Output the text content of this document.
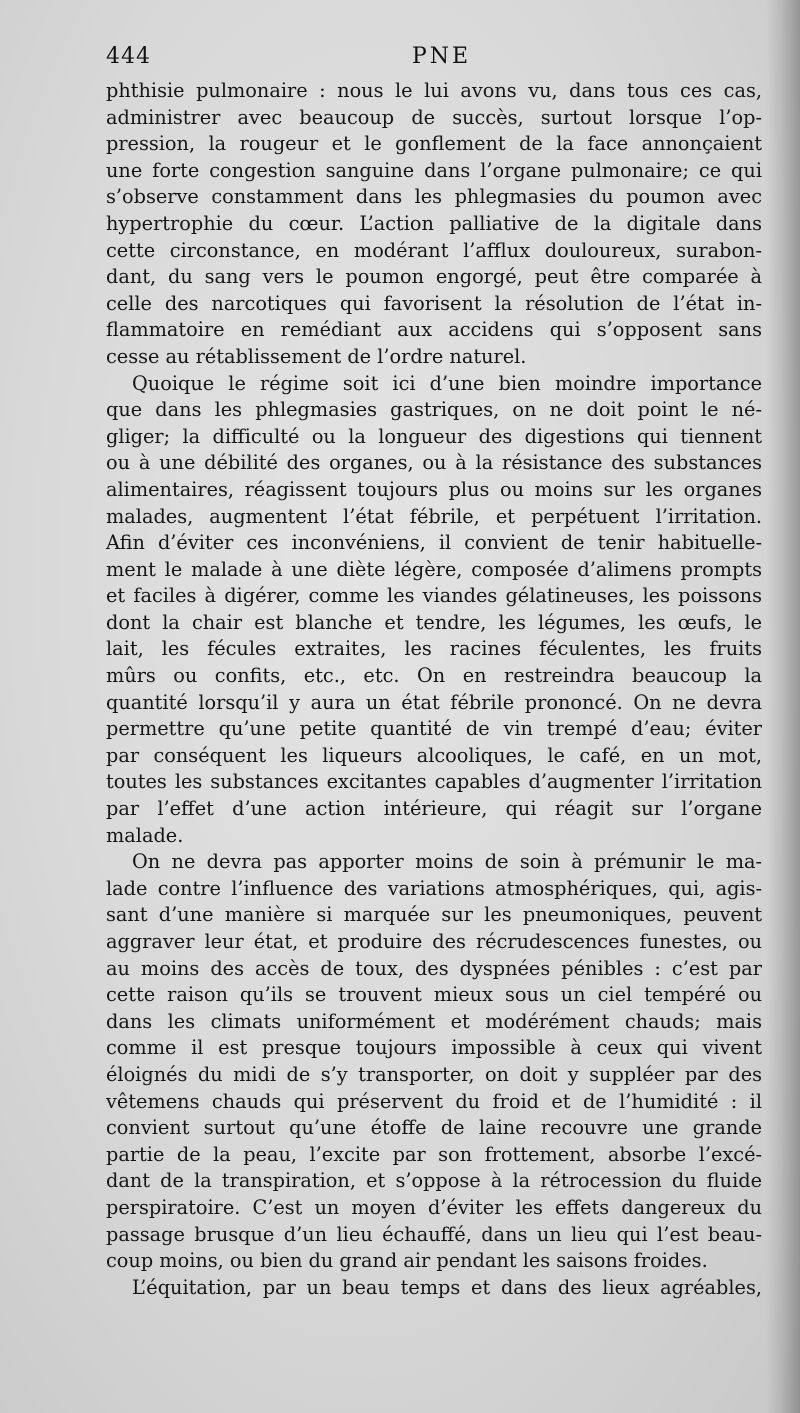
444	PNE
phthisie pulmonaire : nous le lui avons vu, dans tous ces cas,
administrer avec beaucoup de succès, surtout lorsque l’op-
pression, la rougeur et le gonflement de la face annonçaient
une forte congestion sanguine dans l’organe pulmonaire; ce qui
s’observe constamment dans les phlegmasies du poumon avec
hypertrophie du cœur. L’action palliative de la digitale dans
cette circonstance, en modérant l’afflux douloureux, surabon-
dant, du sang vers le poumon engorgé, peut être comparée à
celle des narcotiques qui favorisent la résolution de l’état in-
flammatoire en remédiant aux accidens qui s’opposent sans
cesse au rétablissement de l’ordre naturel.
Quoique le régime soit ici d’une bien moindre importance
que dans les phlegmasies gastriques, on ne doit point le né-
gliger; la difficulté ou la longueur des digestions qui tiennent
ou à une débilité des organes, ou à la résistance des substances
alimentaires, réagissent toujours plus ou moins sur les organes
malades, augmentent l’état fébrile, et perpétuent l’irritation.
Afin d’éviter ces inconvéniens, il convient de tenir habituelle-
ment le malade à une diète légère, composée d’alimens prompts
et faciles à digérer, comme les viandes gélatineuses, les poissons
dont la chair est blanche et tendre, les légumes, les œufs, le
lait, les fécules extraites, les racines féculentes, les fruits
mûrs ou confits, etc., etc. On en restreindra beaucoup la
quantité lorsqu’il y aura un état fébrile prononcé. On ne devra
permettre qu’une petite quantité de vin trempé d’eau; éviter
par conséquent les liqueurs alcooliques, le café, en un mot,
toutes les substances excitantes capables d’augmenter l’irritation
par l’effet d’une action intérieure, qui réagit sur l’organe
malade.
On ne devra pas apporter moins de soin à prémunir le ma-
lade contre l’influence des variations atmosphériques, qui, agis-
sant d’une manière si marquée sur les pneumoniques, peuvent
aggraver leur état, et produire des récrudescences funestes, ou
au moins des accès de toux, des dyspnées pénibles : c’est par
cette raison qu’ils se trouvent mieux sous un ciel tempéré ou
dans les climats uniformément et modérément chauds; mais
comme il est presque toujours impossible à ceux qui vivent
éloignés du midi de s’y transporter, on doit y suppléer par des
vêtemens chauds qui préservent du froid et de l’humidité : il
convient surtout qu’une étoffe de laine recouvre une grande
partie de la peau, l’excite par son frottement, absorbe l’excé-
dant de la transpiration, et s’oppose à la rétrocession du fluide
perspiratoire. C’est un moyen d’éviter les effets dangereux du
passage brusque d’un lieu échauffé, dans un lieu qui l’est beau-
coup moins, ou bien du grand air pendant les saisons froides.
L’équitation, par un beau temps et dans des lieux agréables,
